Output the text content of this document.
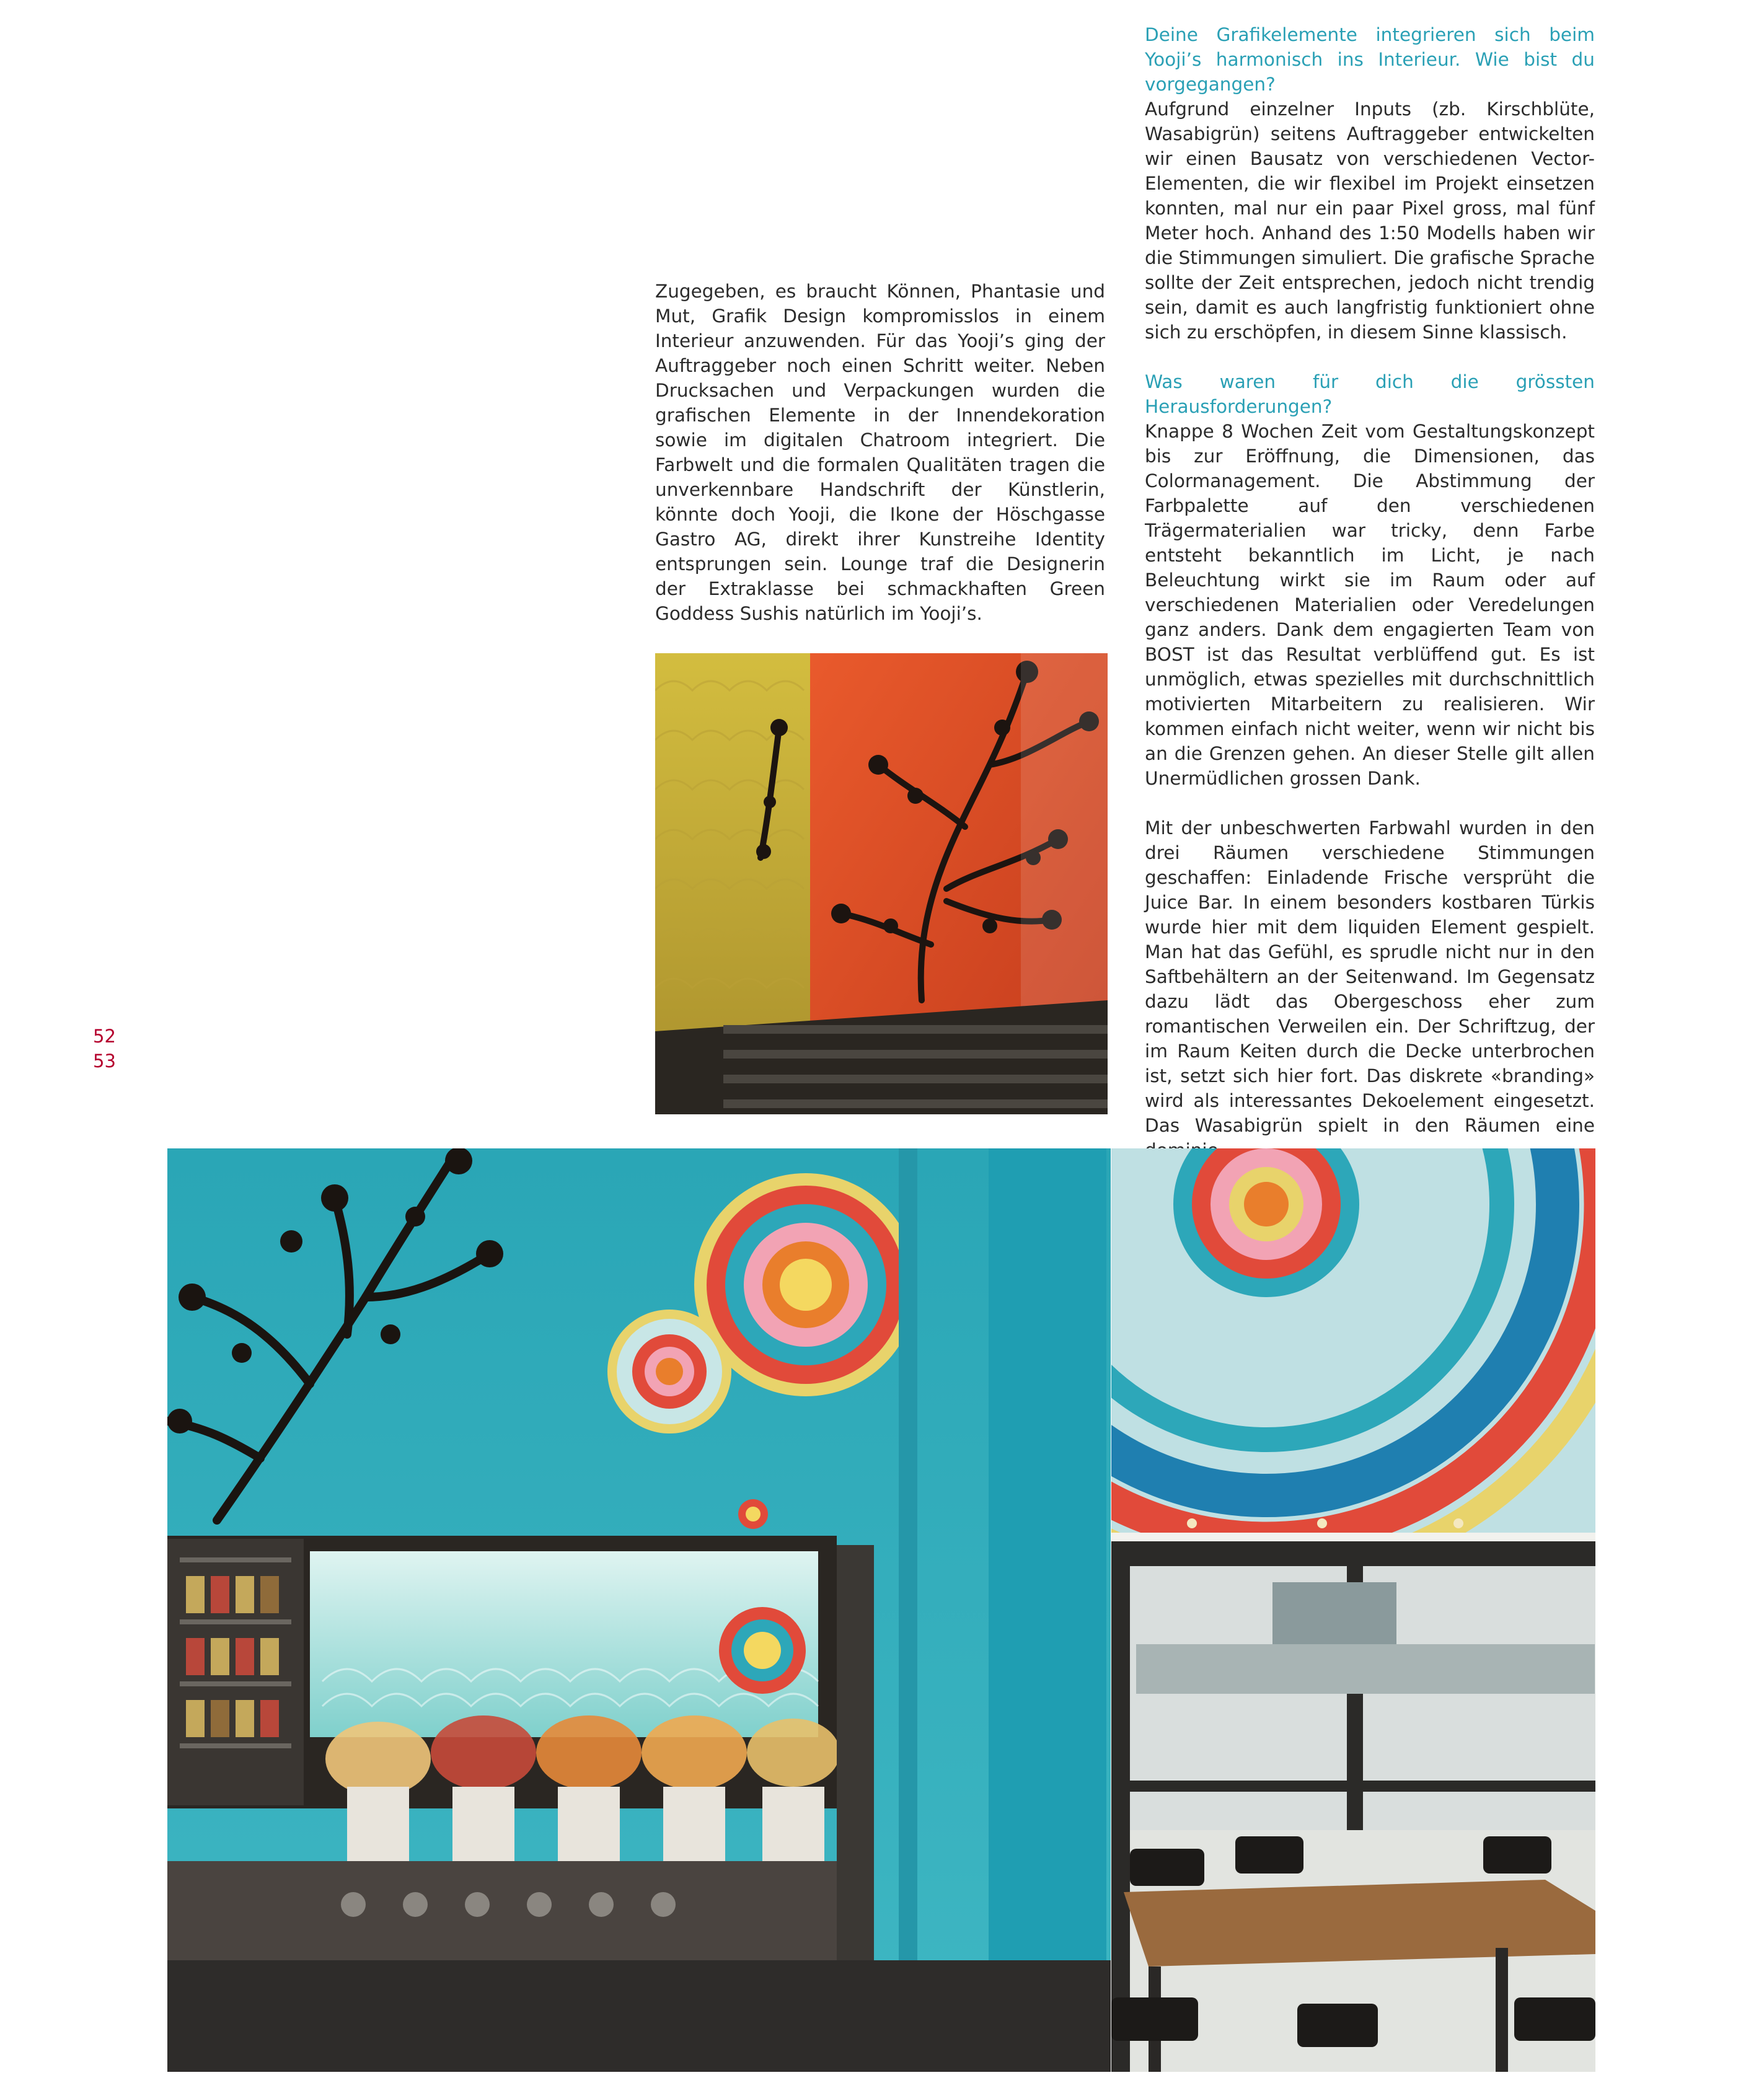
52
53

Zugegeben, es braucht Können, Phantasie und Mut, Grafik Design kompromisslos in einem Interieur anzuwenden. Für das Yooji’s ging der Auftraggeber noch einen Schritt weiter. Neben Drucksachen und Verpackungen wurden die grafischen Elemente in der Innendekoration sowie im digitalen Chatroom integriert. Die Farbwelt und die formalen Qualitäten tragen die unverkennbare Handschrift der Künstlerin, könnte doch Yooji, die Ikone der Höschgasse Gastro AG, direkt ihrer Kunstreihe Identity entsprungen sein. Lounge traf die Designerin der Extraklasse bei schmackhaften Green Goddess Sushis natürlich im Yooji’s.

Deine Grafikelemente integrieren sich beim Yooji’s harmonisch ins Interieur. Wie bist du vorgegangen?

Aufgrund einzelner Inputs (zb. Kirschblüte, Wasabigrün) seitens Auftraggeber entwickelten wir einen Bausatz von verschiedenen Vector-Elementen, die wir flexibel im Projekt einsetzen konnten, mal nur ein paar Pixel gross, mal fünf Meter hoch. Anhand des 1:50 Modells haben wir die Stimmungen simuliert. Die grafische Sprache sollte der Zeit entsprechen, jedoch nicht trendig sein, damit es auch langfristig funktioniert ohne sich zu erschöpfen, in diesem Sinne klassisch.

Was waren für dich die grössten Herausforderungen?

Knappe 8 Wochen Zeit vom Gestaltungskonzept bis zur Eröffnung, die Dimensionen, das Colormanagement. Die Abstimmung der Farbpalette auf den verschiedenen Trägermaterialien war tricky, denn Farbe entsteht bekanntlich im Licht, je nach Beleuchtung wirkt sie im Raum oder auf verschiedenen Materialien oder Veredelungen ganz anders. Dank dem engagierten Team von BOST ist das Resultat verblüffend gut. Es ist unmöglich, etwas spezielles mit durchschnittlich motivierten Mitarbeitern zu realisieren. Wir kommen einfach nicht weiter, wenn wir nicht bis an die Grenzen gehen. An dieser Stelle gilt allen Unermüdlichen grossen Dank.

Mit der unbeschwerten Farbwahl wurden in den drei Räumen verschiedene Stimmungen geschaffen: Einladende Frische versprüht die Juice Bar. In einem besonders kostbaren Türkis wurde hier mit dem liquiden Element gespielt. Man hat das Gefühl, es sprudle nicht nur in den Saftbehältern an der Seitenwand. Im Gegensatz dazu lädt das Obergeschoss eher zum romantischen Verweilen ein. Der Schriftzug, der im Raum Keiten durch die Decke unterbrochen ist, setzt sich hier fort. Das diskrete «branding» wird als interessantes Dekoelement eingesetzt. Das Wasabigrün spielt in den Räumen eine
